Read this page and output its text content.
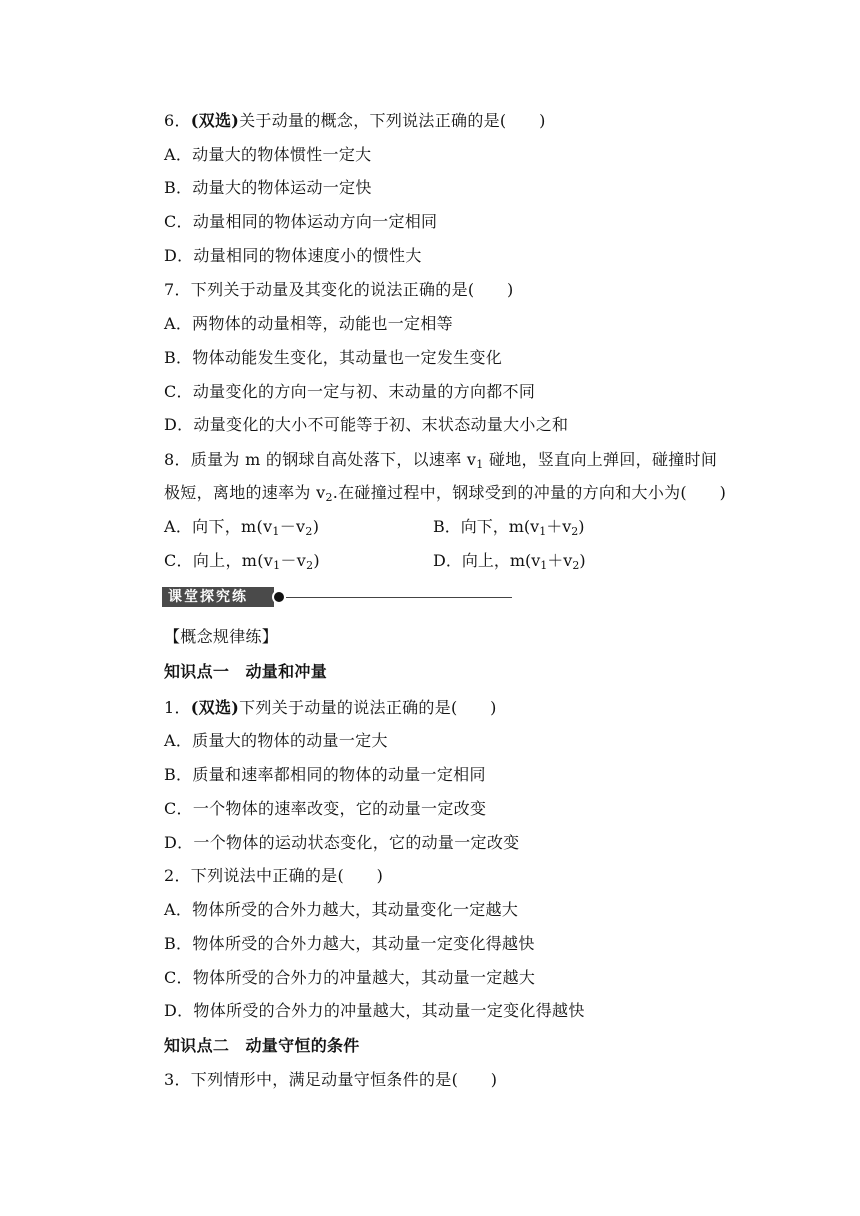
6．(双选)关于动量的概念，下列说法正确的是(　　)
A．动量大的物体惯性一定大
B．动量大的物体运动一定快
C．动量相同的物体运动方向一定相同
D．动量相同的物体速度小的惯性大
7．下列关于动量及其变化的说法正确的是(　　)
A．两物体的动量相等，动能也一定相等
B．物体动能发生变化，其动量也一定发生变化
C．动量变化的方向一定与初、末动量的方向都不同
D．动量变化的大小不可能等于初、末状态动量大小之和
8．质量为 m 的钢球自高处落下，以速率 $v_1$ 碰地，竖直向上弹回，碰撞时间
极短，离地的速率为 $v_2$.在碰撞过程中，钢球受到的冲量的方向和大小为(　　)
A．向下，$m(v_1-v_2)$	B．向下，$m(v_1+v_2)$
C．向上，$m(v_1-v_2)$	D．向上，$m(v_1+v_2)$
课堂探究练
【概念规律练】
知识点一　动量和冲量
1．(双选)下列关于动量的说法正确的是(　　)
A．质量大的物体的动量一定大
B．质量和速率都相同的物体的动量一定相同
C．一个物体的速率改变，它的动量一定改变
D．一个物体的运动状态变化，它的动量一定改变
2．下列说法中正确的是(　　)
A．物体所受的合外力越大，其动量变化一定越大
B．物体所受的合外力越大，其动量一定变化得越快
C．物体所受的合外力的冲量越大，其动量一定越大
D．物体所受的合外力的冲量越大，其动量一定变化得越快
知识点二　动量守恒的条件
3．下列情形中，满足动量守恒条件的是(　　)
